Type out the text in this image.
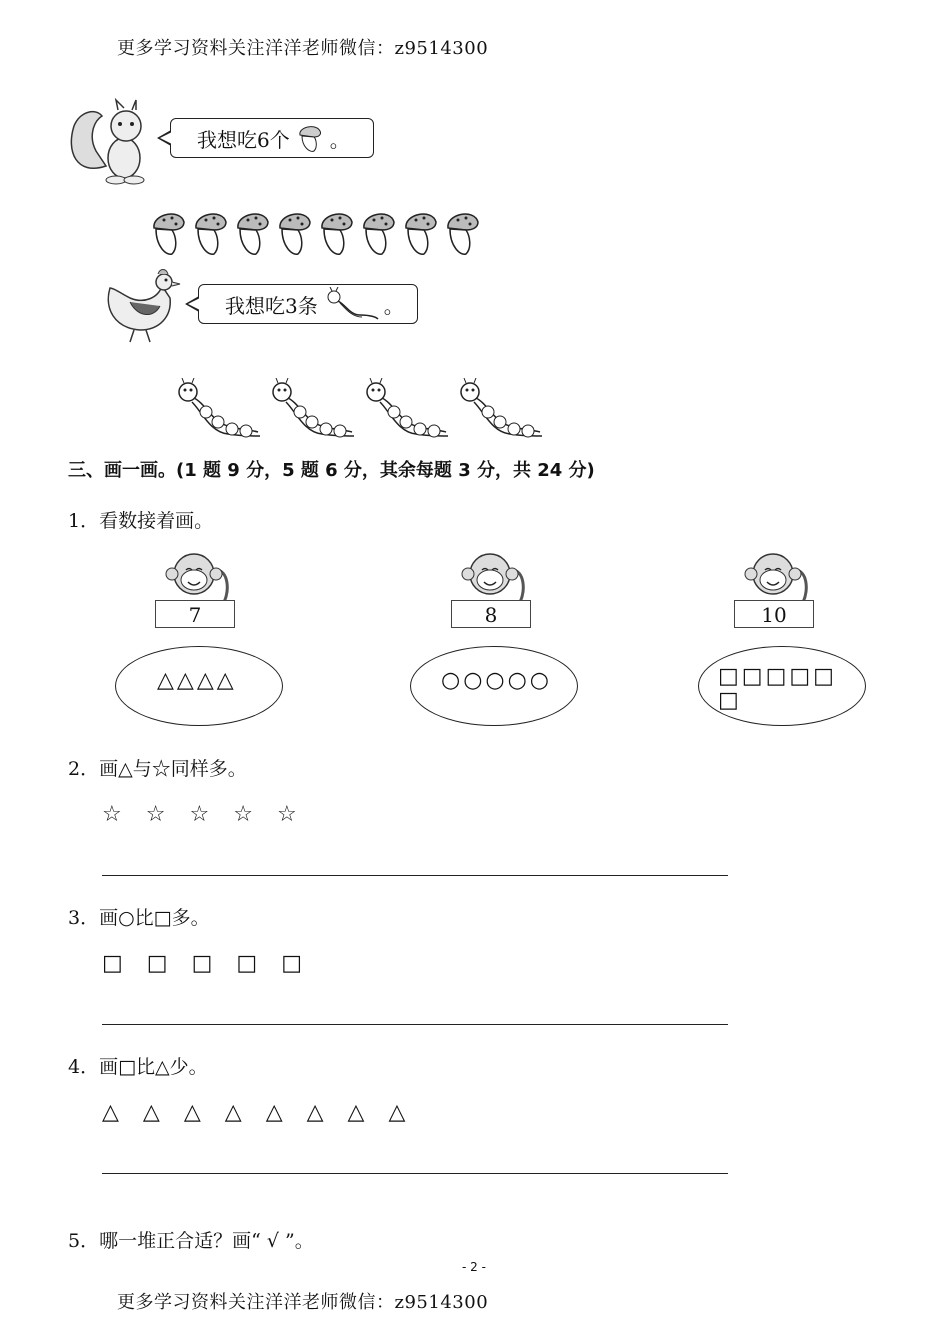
更多学习资料关注洋洋老师微信：z9514300
我想吃6个 。
我想吃3条	。
三、画一画。(1 题 9 分，5 题 6 分，其余每题 3 分，共 24 分)
1．看数接着画。
7
△△△△
8
○○○○○
10
□□□□□
□
2．画△与☆同样多。
☆ ☆ ☆ ☆ ☆
3．画○比□多。
□ □ □ □ □
4．画□比△少。
△ △ △ △ △ △ △ △
5．哪一堆正合适？画“ √ ”。
- 2 -
更多学习资料关注洋洋老师微信：z9514300
